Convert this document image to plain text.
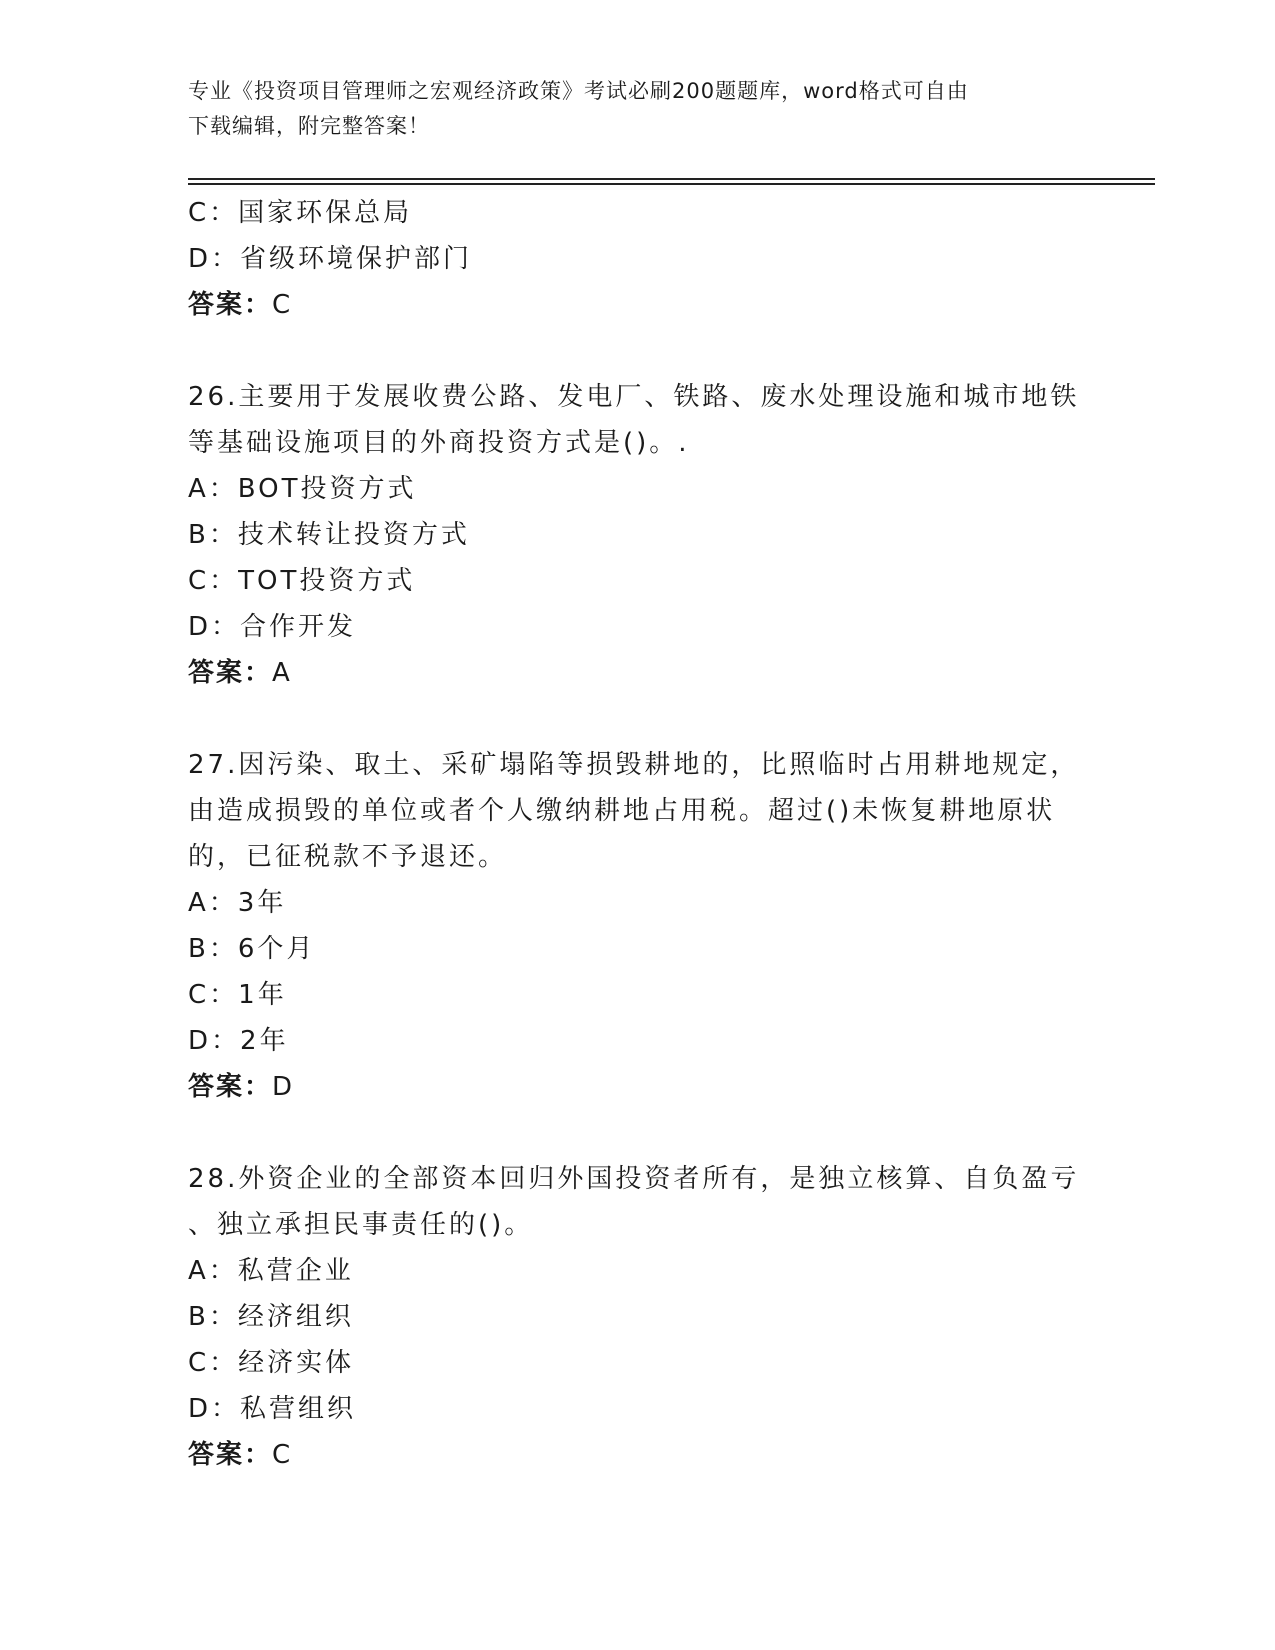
专业《投资项目管理师之宏观经济政策》考试必刷200题题库，word格式可自由
下载编辑，附完整答案！
C：国家环保总局
D：省级环境保护部门
答案：C
26.主要用于发展收费公路、发电厂、铁路、废水处理设施和城市地铁
等基础设施项目的外商投资方式是()。.
A：BOT投资方式
B：技术转让投资方式
C：TOT投资方式
D：合作开发
答案：A
27.因污染、取土、采矿塌陷等损毁耕地的，比照临时占用耕地规定，
由造成损毁的单位或者个人缴纳耕地占用税。超过()未恢复耕地原状
的，已征税款不予退还。
A：3年
B：6个月
C：1年
D：2年
答案：D
28.外资企业的全部资本回归外国投资者所有，是独立核算、自负盈亏
、独立承担民事责任的()。
A：私营企业
B：经济组织
C：经济实体
D：私营组织
答案：C
